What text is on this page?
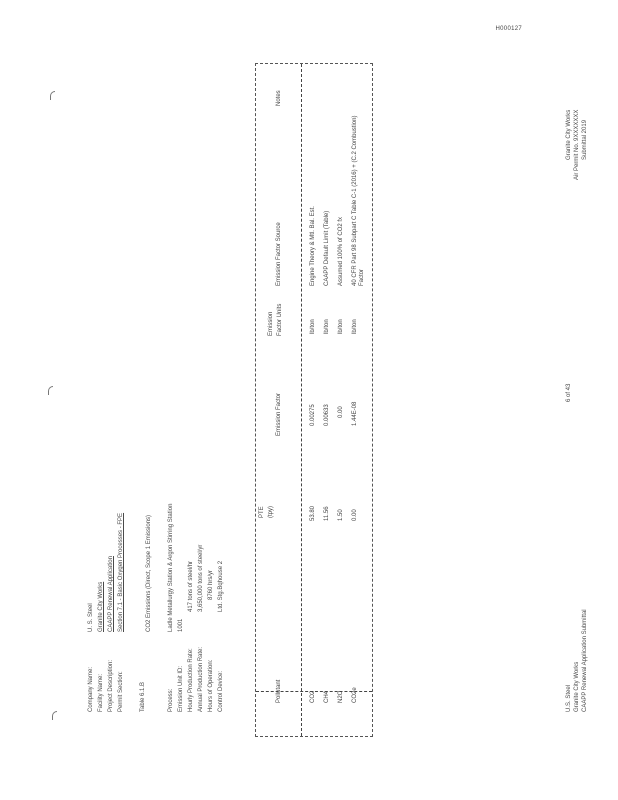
H000127
Company Name: Facility Name: Project Description: Permit Section:
U. S. Steel Granite City Works CAAPP Renewal Application Section 7.1 - Basic Oxygen Processes - FPE
Table 6.1.B	Process: Emission Unit ID: Hourly Production Rate: Annual Production Rate: Hours of Operation: Control Device:
CO2 Emissions (Direct, Scope 1 Emissions)	Ladle Metallurgy Station & Argon Stirring Station 1001
417 tons of steel/hr 3,650,000 tons of steel/yr 8760 hrs/yr Ltd. Stg.Bqhouse 2
Pollutant
PTE (tpy)
Emission Factor
Emission Factor Units
Emission Factor Source
Notes
CO2
53.80
0.00275
lb/ton
Engine Theory & Mtl. Bal. Est.
CH4
11.56
0.00633
lb/ton
CAAPP Default Limit (Table)
N2O
1.50
0.00
lb/ton
Assumed 100% of CO2 fx
CO2e
0.00
1.44E-08
lb/ton
40 CFR Part 98 Subpart C Table C-1 (2016) + (C.2 Combustion) Factor
U.S. Steel Granite City Works CAAPP Renewal Application Submittal
6 of 43
Granite City Works Air Permit No. 9XXXXXXX Submittal 2019
